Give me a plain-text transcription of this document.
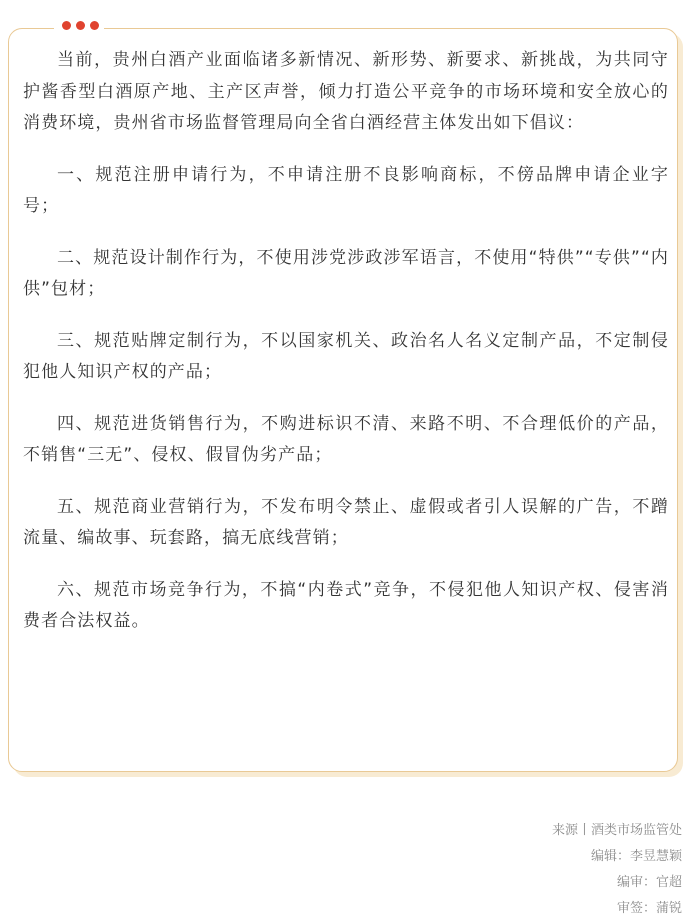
当前，贵州白酒产业面临诸多新情况、新形势、新要求、新挑战，为共同守护酱香型白酒原产地、主产区声誉，倾力打造公平竞争的市场环境和安全放心的消费环境，贵州省市场监督管理局向全省白酒经营主体发出如下倡议：

一、规范注册申请行为，不申请注册不良影响商标，不傍品牌申请企业字号；

二、规范设计制作行为，不使用涉党涉政涉军语言，不使用“特供”“专供”“内供”包材；

三、规范贴牌定制行为，不以国家机关、政治名人名义定制产品，不定制侵犯他人知识产权的产品；

四、规范进货销售行为，不购进标识不清、来路不明、不合理低价的产品，不销售“三无”、侵权、假冒伪劣产品；

五、规范商业营销行为，不发布明令禁止、虚假或者引人误解的广告，不蹭流量、编故事、玩套路，搞无底线营销；

六、规范市场竞争行为，不搞“内卷式”竞争，不侵犯他人知识产权、侵害消费者合法权益。

来源丨酒类市场监管处
编辑：李昱慧颖
编审：官超
审签：蒲锐
